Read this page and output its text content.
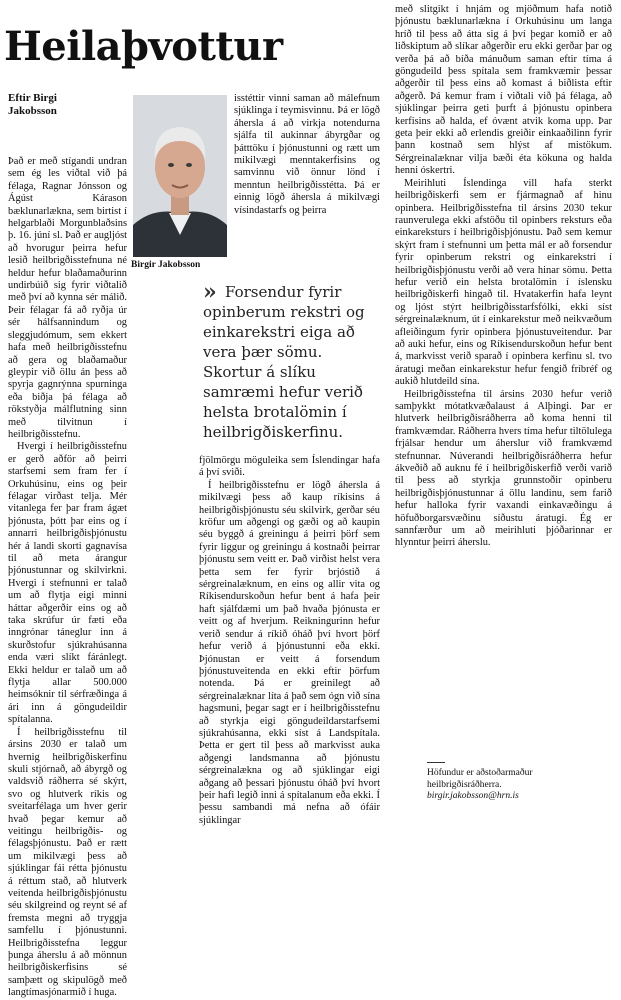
Heilaþvottur
Eftir Birgi
Jakobsson

Það er með stígandi undran sem ég les viðtal við þá félaga, Ragnar Jónsson og Ágúst Kárason bæklunarlækna, sem birtist í helgarblaði Morgunblaðsins þ. 16. júní sl. Það er augljóst að hvorugur þeirra hefur lesið heilbrigðisstefnuna né heldur hefur blaðamaðurinn undirbúið sig fyrir viðtalið með því að kynna sér málið. Þeir félagar fá að ryðja úr sér hálfsannindum og sleggjudómum, sem ekkert hafa með heilbrigðisstefnu að gera og blaðamaður gleypir við öllu án þess að spyrja gagnrýnna spurninga eða biðja þá félaga að rökstyðja málflutning sinn með tilvitnun í heilbrigðisstefnu.

Hvergi í heilbrigðisstefnu er gerð aðför að þeirri starfsemi sem fram fer í Orkuhúsinu, eins og þeir félagar virðast telja. Mér vitanlega fer þar fram ágæt þjónusta, þótt þar eins og í annarri heilbrigðisþjónustu hér á landi skorti gagnavísa til að meta árangur þjónustunnar og skilvirkni. Hvergi í stefnunni er talað um að flytja eigi minni háttar aðgerðir eins og að taka skrúfur úr fæti eða inngrónar táneglur inn á skurðstofur sjúkrahúsanna enda væri slíkt fáránlegt. Ekki heldur er talað um að flytja allar 500.000 heimsóknir til sérfræðinga á ári inn á göngudeildir spítalanna.

Í heilbrigðisstefnu til ársins 2030 er talað um hvernig heilbrigðiskerfinu skuli stjórnað, að ábyrgð og valdsvið ráðherra sé skýrt, svo og hlutverk ríkis og sveitarfélaga um hver gerir hvað þegar kemur að veitingu heilbrigðis- og félagsþjónustu. Það er rætt um mikilvægi þess að sjúklingar fái rétta þjónustu á réttum stað, að hlutverk veitenda heilbrigðisþjónustu séu skilgreind og reynt sé af fremsta megni að tryggja samfellu í þjónustunni. Heilbrigðisstefna leggur þunga áherslu á að mönnun heilbrigðiskerfisins sé samþætt og skipulögð með langtímasjónarmið í huga.

Birgir Jakobsson

isstéttir vinni saman að málefnum sjúklinga í teymisvinnu. Þá er lögð áhersla á að virkja notendurna sjálfa til aukinnar ábyrgðar og þátttöku í þjónustunni og rætt um mikilvægi menntakerfisins og samvinnu við önnur lönd í menntun heilbrigðisstétta. Þá er einnig lögð áhersla á mikilvægi vísindastarfs og þeirra

» Forsendur fyrir opinberum rekstri og einkarekstri eiga að vera þær sömu. Skortur á slíku samræmi hefur verið helsta brotalömin í heilbrigðiskerfinu.

fjölmörgu möguleika sem Íslendingar hafa á því sviði.

Í heilbrigðisstefnu er lögð áhersla á mikilvægi þess að kaup ríkisins á heilbrigðisþjónustu séu skilvirk, gerðar séu kröfur um aðgengi og gæði og að kaupin séu byggð á greiningu á þeirri þörf sem fyrir liggur og greiningu á kostnaði þeirrar þjónustu sem veitt er. Það virðist helst vera þetta sem fer fyrir brjóstið á sérgreinalæknum, en eins og allir vita og Ríkisendurskoðun hefur bent á hafa þeir haft sjálfdæmi um það hvaða þjónusta er veitt og af hverjum. Reikningurinn hefur verið sendur á ríkið óháð því hvort þörf hefur verið á þjónustunni eða ekki. Þjónustan er veitt á forsendum þjónustuveitenda en ekki eftir þörfum notenda. Þá er greinilegt að sérgreinalæknar líta á það sem ógn við sína hagsmuni, þegar sagt er í heilbrigðisstefnu að styrkja eigi göngudeildarstarfsemi sjúkrahúsanna, ekki síst á Landspítala. Þetta er gert til þess að markvisst auka aðgengi landsmanna að þjónustu sérgreinalækna og að sjúklingar eigi aðgang að þessari þjónustu óháð því hvort þeir hafi legið inni á spítalanum eða ekki. Í þessu sambandi má nefna að ófáir sjúklingar

með slitgikt í hnjám og mjöðmum hafa notið þjónustu bæklunarlækna í Orkuhúsinu um langa hríð til þess að átta sig á því þegar komið er að liðskiptum að slíkar aðgerðir eru ekki gerðar þar og verða þá að bíða mánuðum saman eftir tíma á göngudeild þess spítala sem framkvæmir þessar aðgerðir til þess eins að komast á biðlista eftir aðgerð. Þá kemur fram í viðtali við þá félaga, að sjúklingar þeirra geti þurft á þjónustu opinbera kerfisins að halda, ef óvænt atvik koma upp. Þar geta þeir ekki að erlendis greiðir einkaaðilinn fyrir þann kostnað sem hlýst af mistökum. Sérgreinalæknar vilja bæði éta kökuna og halda henni óskertri.

Meirihluti Íslendinga vill hafa sterkt heilbrigðiskerfi sem er fjármagnað af hinu opinbera. Heilbrigðisstefna til ársins 2030 tekur raunverulega ekki afstöðu til opinbers reksturs eða einkareksturs í heilbrigðisþjónustu. Það sem kemur skýrt fram í stefnunni um þetta mál er að forsendur fyrir opinberum rekstri og einkarekstri í heilbrigðisþjónustu verði að vera hinar sömu. Þetta hefur verið ein helsta brotalömin í íslensku heilbrigðiskerfi hingað til. Hvatakerfin hafa leynt og ljóst stýrt heilbrigðisstarfsfólki, ekki síst sérgreinalæknum, út í einkarekstur með neikvæðum afleiðingum fyrir opinbera þjónustuveitendur. Þar að auki hefur, eins og Ríkisendurskoðun hefur bent á, markvisst verið sparað í opinbera kerfinu sl. tvo áratugi meðan einkarekstur hefur fengið fríbréf og aukið hlutdeild sína.

Heilbrigðisstefna til ársins 2030 hefur verið samþykkt mótatkvæðalaust á Alþingi. Þar er hlutverk heilbrigðisráðherra að koma henni til framkvæmdar. Ráðherra hvers tíma hefur tiltölulega frjálsar hendur um áherslur við framkvæmd stefnunnar. Núverandi heilbrigðisráðherra hefur ákveðið að auknu fé í heilbrigðiskerfið verði varið til þess að styrkja grunnstoðir opinberu heilbrigðisþjónustunnar á öllu landinu, sem farið hefur halloka fyrir vaxandi einkavæðingu á höfuðborgarsvæðinu síðustu áratugi. Ég er sannfærður um að meirihluti þjóðarinnar er hlynntur þeirri áherslu.

Höfundur er aðstoðarmaður
heilbrigðisráðherra.
birgir.jakobsson@hrn.is
